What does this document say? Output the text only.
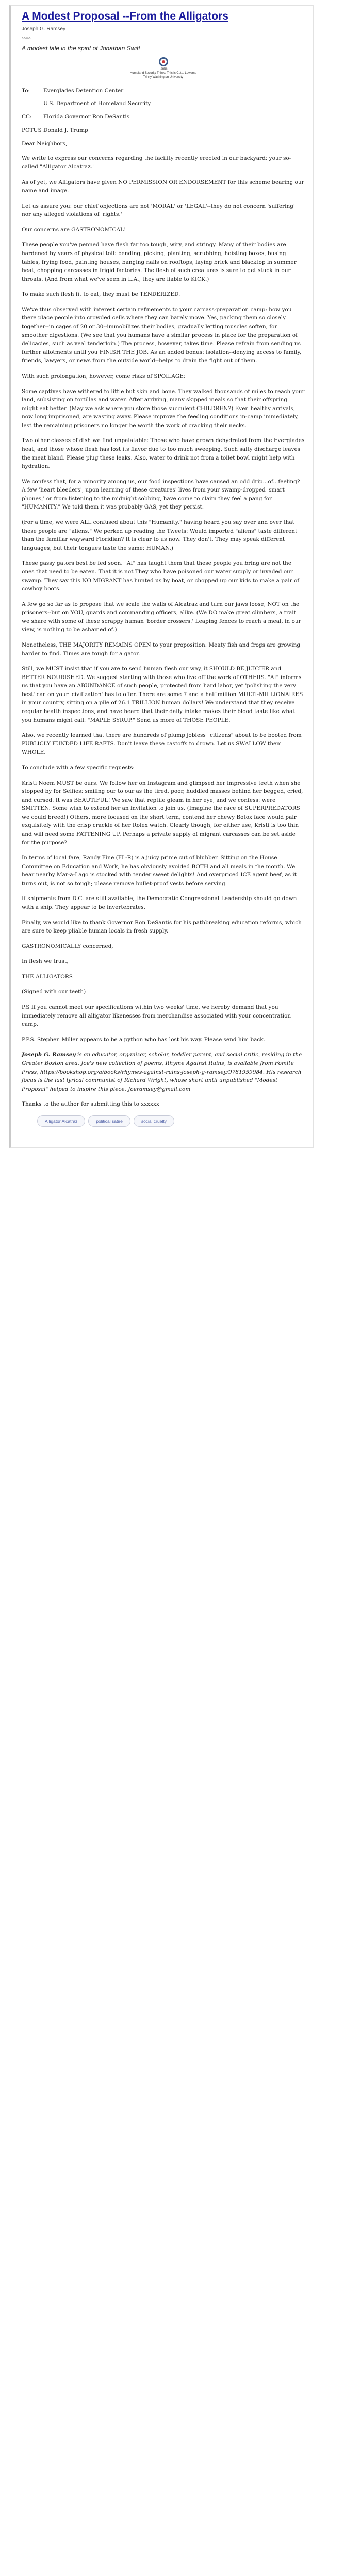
A Modest Proposal --From the Alligators
Joseph G. Ramsey
xxxxx
A modest tale in the spirit of Jonathan Swift
Tanbs
Homeland Security Thinks This is Cute. Lowerce
Trinity Washington University
To:	Everglades Detention Center
U.S. Department of Homeland Security
CC:	Florida Governor Ron DeSantis
POTUS Donald J. Trump
Dear Neighbors,

We write to express our concerns regarding the facility recently erected in our backyard: your so-called "Alligator Alcatraz."

As of yet, we Alligators have given NO PERMISSION OR ENDORSEMENT for this scheme bearing our name and image.

Let us assure you: our chief objections are not 'MORAL' or 'LEGAL'--they do not concern 'suffering' nor any alleged violations of 'rights.'

Our concerns are GASTRONOMICAL!

These people you've penned have flesh far too tough, wiry, and stringy. Many of their bodies are hardened by years of physical toil: bending, picking, planting, scrubbing, hoisting boxes, busing tables, frying food, painting houses, banging nails on rooftops, laying brick and blacktop in summer heat, chopping carcasses in frigid factories. The flesh of such creatures is sure to get stuck in our throats. (And from what we've seen in L.A., they are liable to KICK.)

To make such flesh fit to eat, they must be TENDERIZED.

We've thus observed with interest certain refinements to your carcass-preparation camp: how you there place people into crowded cells where they can barely move. Yes, packing them so closely together--in cages of 20 or 30--immobilizes their bodies, gradually letting muscles soften, for smoother digestions. (We see that you humans have a similar process in place for the preparation of delicacies, such as veal tenderloin.) The process, however, takes time. Please refrain from sending us further allotments until you FINISH THE JOB. As an added bonus: isolation--denying access to family, friends, lawyers, or news from the outside world--helps to drain the fight out of them.

With such prolongation, however, come risks of SPOILAGE:

Some captives have withered to little but skin and bone. They walked thousands of miles to reach your land, subsisting on tortillas and water. After arriving, many skipped meals so that their offspring might eat better. (May we ask where you store those succulent CHILDREN?) Even healthy arrivals, now long imprisoned, are wasting away. Please improve the feeding conditions in-camp immediately, lest the remaining prisoners no longer be worth the work of cracking their necks.

Two other classes of dish we find unpalatable: Those who have grown dehydrated from the Everglades heat, and those whose flesh has lost its flavor due to too much sweeping. Such salty discharge leaves the meat bland. Please plug these leaks. Also, water to drink not from a toilet bowl might help with hydration.

We confess that, for a minority among us, our food inspections have caused an odd drip...of...feeling? A few 'heart bleeders', upon learning of these creatures' lives from your swamp-dropped 'smart phones,' or from listening to the midnight sobbing, have come to claim they feel a pang for "HUMANITY." We told them it was probably GAS, yet they persist.

(For a time, we were ALL confused about this "Humanity," having heard you say over and over that these people are "aliens." We perked up reading the Tweets: Would imported "aliens" taste different than the familiar wayward Floridian? It is clear to us now. They don't. They may speak different languages, but their tongues taste the same: HUMAN.)

These gassy gators best be fed soon. "AI" has taught them that these people you bring are not the ones that need to be eaten. That it is not They who have poisoned our water supply or invaded our swamp. They say this NO MIGRANT has hunted us by boat, or chopped up our kids to make a pair of cowboy boots.

A few go so far as to propose that we scale the walls of Alcatraz and turn our jaws loose, NOT on the prisoners--but on YOU, guards and commanding officers, alike. (We DO make great climbers, a trait we share with some of these scrappy human 'border crossers.' Leaping fences to reach a meal, in our view, is nothing to be ashamed of.)

Nonetheless, THE MAJORITY REMAINS OPEN to your proposition. Meaty fish and frogs are growing harder to find. Times are tough for a gator.

Still, we MUST insist that if you are to send human flesh our way, it SHOULD BE JUICIER and BETTER NOURISHED. We suggest starting with those who live off the work of OTHERS. "AI" informs us that you have an ABUNDANCE of such people, protected from hard labor, yet 'polishing the very best' carton your 'civilization' has to offer. There are some 7 and a half million MULTI-MILLIONAIRES in your country, sitting on a pile of 26.1 TRILLION human dollars! We understand that they receive regular health inspections, and have heard that their daily intake makes their blood taste like what you humans might call: "MAPLE SYRUP." Send us more of THOSE PEOPLE.

Also, we recently learned that there are hundreds of plump jobless "citizens" about to be booted from PUBLICLY FUNDED LIFE RAFTS. Don't leave these castoffs to drown. Let us SWALLOW them WHOLE.

To conclude with a few specific requests:

Kristi Noem MUST be ours. We follow her on Instagram and glimpsed her impressive teeth when she stopped by for Selfies: smiling our to our as the tired, poor, huddled masses behind her begged, cried, and cursed. It was BEAUTIFUL! We saw that reptile gleam in her eye, and we confess: were SMITTEN. Some wish to extend her an invitation to join us. (Imagine the race of SUPERPREDATORS we could breed!) Others, more focused on the short term, contend her chewy Botox face would pair exquisitely with the crisp crackle of her Rolex watch. Clearly though, for either use, Kristi is too thin and will need some FATTENING UP. Perhaps a private supply of migrant carcasses can be set aside for the purpose?

In terms of local fare, Randy Fine (FL-R) is a juicy prime cut of blubber. Sitting on the House Committee on Education and Work, he has obviously avoided BOTH and all meals in the month. We hear nearby Mar-a-Lago is stocked with tender sweet delights! And overpriced ICE agent beef, as it turns out, is not so tough; please remove bullet-proof vests before serving.

If shipments from D.C. are still available, the Democratic Congressional Leadership should go down with a ship. They appear to be invertebrates.

Finally, we would like to thank Governor Ron DeSantis for his pathbreaking education reforms, which are sure to keep pliable human locals in fresh supply.

GASTRONOMICALLY concerned,

In flesh we trust,

THE ALLIGATORS

(Signed with our teeth)

P.S If you cannot meet our specifications within two weeks' time, we hereby demand that you immediately remove all alligator likenesses from merchandise associated with your concentration camp.

P.P.S. Stephen Miller appears to be a python who has lost his way. Please send him back.

Joseph G. Ramsey is an educator, organizer, scholar, toddler parent, and social critic, residing in the Greater Boston area. Joe's new collection of poems, Rhyme Against Ruins, is available from Fomite Press, https://bookshop.org/a/books/rhymes-against-ruins-joseph-g-ramsey/9781959984. His research focus is the last lyrical communist of Richard Wright, whose short until unpublished "Modest Proposal" helped to inspire this piece. Joeramsey@gmail.com

Thanks to the author for submitting this to xxxxxx

Alligator Alcatraz	political satire	social cruelty
